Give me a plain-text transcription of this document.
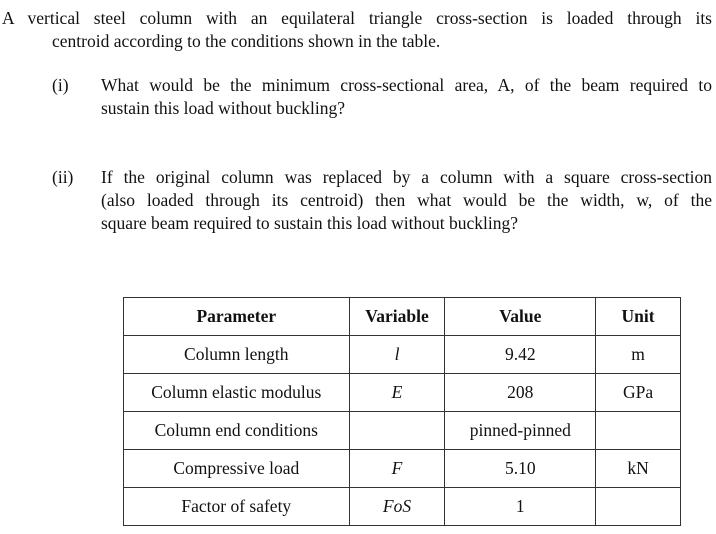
A vertical steel column with an equilateral triangle cross-section is loaded through its
centroid according to the conditions shown in the table.
(i) What would be the minimum cross-sectional area, A, of the beam required to
sustain this load without buckling?
(ii) If the original column was replaced by a column with a square cross-section
(also loaded through its centroid) then what would be the width, w, of the
square beam required to sustain this load without buckling?
Parameter	Variable	Value	Unit
Column length	l	9.42	m
Column elastic modulus	E	208	GPa
Column end conditions		pinned-pinned	
Compressive load	F	5.10	kN
Factor of safety	FoS	1	
